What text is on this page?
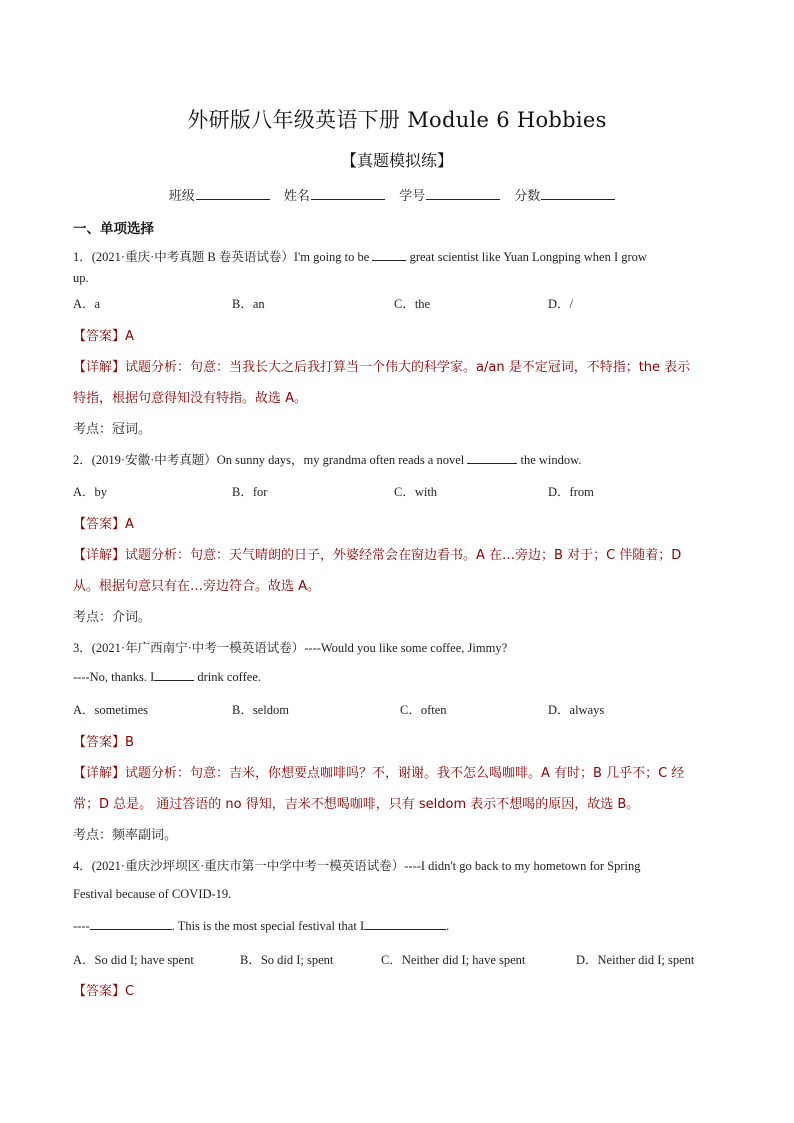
外研版八年级英语下册 Module 6 Hobbies
【真题模拟练】
班级	姓名	学号	分数
一、单项选择
1．(2021·重庆·中考真题 B 卷英语试卷）I'm going to be	great scientist like Yuan Longping when I grow
up.
A．a	B．an	C．the	D．/
【答案】A
【详解】试题分析：句意：当我长大之后我打算当一个伟大的科学家。a/an 是不定冠词，不特指；the 表示
特指，根据句意得知没有特指。故选 A。
考点：冠词。
2．(2019·安徽·中考真题）On sunny days，my grandma often reads a novel	the window.
A．by	B．for	C．with	D．from
【答案】A
【详解】试题分析：句意：天气晴朗的日子，外婆经常会在窗边看书。A 在…旁边；B 对于；C 伴随着；D
从。根据句意只有在…旁边符合。故选 A。
考点：介词。
3．(2021·年广西南宁·中考一模英语试卷）----Would you like some coffee, Jimmy?
----No, thanks. I	drink coffee.
A．sometimes	B．seldom	C．often	D．always
【答案】B
【详解】试题分析：句意：吉米，你想要点咖啡吗？不，谢谢。我不怎么喝咖啡。A 有时；B 几乎不；C 经
常；D 总是。 通过答语的 no 得知，吉米不想喝咖啡，只有 seldom 表示不想喝的原因，故选 B。
考点：频率副词。
4．(2021·重庆沙坪坝区·重庆市第一中学中考一模英语试卷）----I didn't go back to my hometown for Spring
Festival because of COVID-19.
----	. This is the most special festival that I	.
A．So did I; have spent	B．So did I; spent	C．Neither did I; have spent	D．Neither did I; spent
【答案】C
